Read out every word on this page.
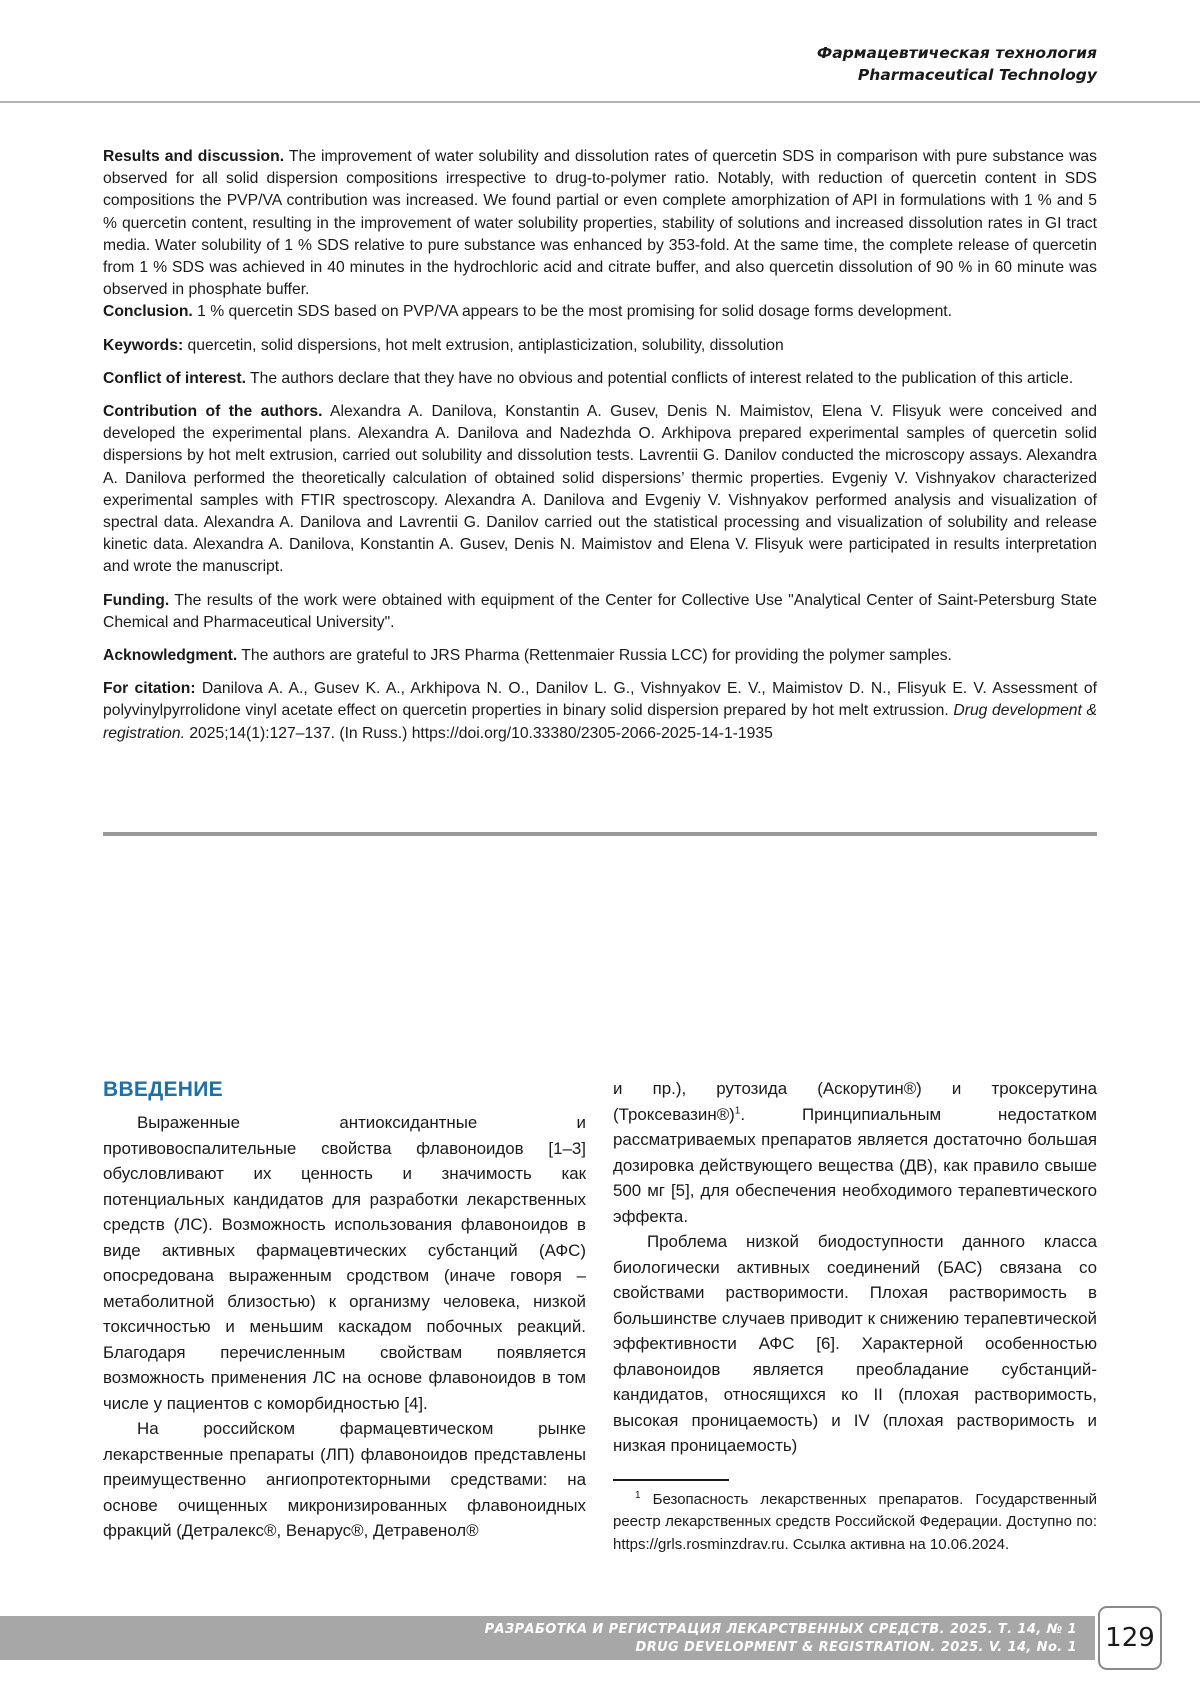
Фармацевтическая технология
Pharmaceutical Technology

Results and discussion. The improvement of water solubility and dissolution rates of quercetin SDS in comparison with pure substance was observed for all solid dispersion compositions irrespective to drug-to-polymer ratio. Notably, with reduction of quercetin content in SDS compositions the PVP/VA contribution was increased. We found partial or even complete amorphization of API in formulations with 1 % and 5 % quercetin content, resulting in the improvement of water solubility properties, stability of solutions and increased dissolution rates in GI tract media. Water solubility of 1 % SDS relative to pure substance was enhanced by 353-fold. At the same time, the complete release of quercetin from 1 % SDS was achieved in 40 minutes in the hydrochloric acid and citrate buffer, and also quercetin dissolution of 90 % in 60 minute was observed in phosphate buffer.

Conclusion. 1 % quercetin SDS based on PVP/VA appears to be the most promising for solid dosage forms development.

Keywords: quercetin, solid dispersions, hot melt extrusion, antiplasticization, solubility, dissolution

Conflict of interest. The authors declare that they have no obvious and potential conflicts of interest related to the publication of this article.

Contribution of the authors. Alexandra A. Danilova, Konstantin A. Gusev, Denis N. Maimistov, Elena V. Flisyuk were conceived and developed the experimental plans. Alexandra A. Danilova and Nadezhda O. Arkhipova prepared experimental samples of quercetin solid dispersions by hot melt extrusion, carried out solubility and dissolution tests. Lavrentii G. Danilov conducted the microscopy assays. Alexandra A. Danilova performed the theoretically calculation of obtained solid dispersions’ thermic properties. Evgeniy V. Vishnyakov characterized experimental samples with FTIR spectroscopy. Alexandra A. Danilova and Evgeniy V. Vishnyakov performed analysis and visualization of spectral data. Alexandra A. Danilova and Lavrentii G. Danilov carried out the statistical processing and visualization of solubility and release kinetic data. Alexandra A. Danilova, Konstantin A. Gusev, Denis N. Maimistov and Elena V. Flisyuk were participated in results interpretation and wrote the manuscript.

Funding. The results of the work were obtained with equipment of the Center for Collective Use "Analytical Center of Saint-Petersburg State Chemical and Pharmaceutical University".

Acknowledgment. The authors are grateful to JRS Pharma (Rettenmaier Russia LCC) for providing the polymer samples.

For citation: Danilova A. A., Gusev K. A., Arkhipova N. O., Danilov L. G., Vishnyakov E. V., Maimistov D. N., Flisyuk E. V. Assessment of polyvinylpyrrolidone vinyl acetate effect on quercetin properties in binary solid dispersion prepared by hot melt extrussion. Drug development & registration. 2025;14(1):127–137. (In Russ.) https://doi.org/10.33380/2305-2066-2025-14-1-1935

ВВЕДЕНИЕ

Выраженные антиоксидантные и противовоспалительные свойства флавоноидов [1–3] обусловливают их ценность и значимость как потенциальных кандидатов для разработки лекарственных средств (ЛС). Возможность использования флавоноидов в виде активных фармацевтических субстанций (АФС) опосредована выраженным сродством (иначе говоря – метаболитной близостью) к организму человека, низкой токсичностью и меньшим каскадом побочных реакций. Благодаря перечисленным свойствам появляется возможность применения ЛС на основе флавоноидов в том числе у пациентов с коморбидностью [4].

На российском фармацевтическом рынке лекарственные препараты (ЛП) флавоноидов представлены преимущественно ангиопротекторными средствами: на основе очищенных микронизированных флавоноидных фракций (Детралекс®, Венарус®, Детравенол®

и пр.), рутозида (Аскорутин®) и троксерутина (Троксевазин®)$^1$. Принципиальным недостатком рассматриваемых препаратов является достаточно большая дозировка действующего вещества (ДВ), как правило свыше 500 мг [5], для обеспечения необходимого терапевтического эффекта.

Проблема низкой биодоступности данного класса биологически активных соединений (БАС) связана со свойствами растворимости. Плохая растворимость в большинстве случаев приводит к снижению терапевтической эффективности АФС [6]. Характерной особенностью флавоноидов является преобладание субстанций-кандидатов, относящихся ко II (плохая растворимость, высокая проницаемость) и IV (плохая растворимость и низкая проницаемость)

$^1$ Безопасность лекарственных препаратов. Государственный реестр лекарственных средств Российской Федерации. Доступно по: https://grls.rosminzdrav.ru. Ссылка активна на 10.06.2024.

РАЗРАБОТКА И РЕГИСТРАЦИЯ ЛЕКАРСТВЕННЫХ СРЕДСТВ. 2025. Т. 14, № 1
DRUG DEVELOPMENT & REGISTRATION. 2025. V. 14, No. 1 129
